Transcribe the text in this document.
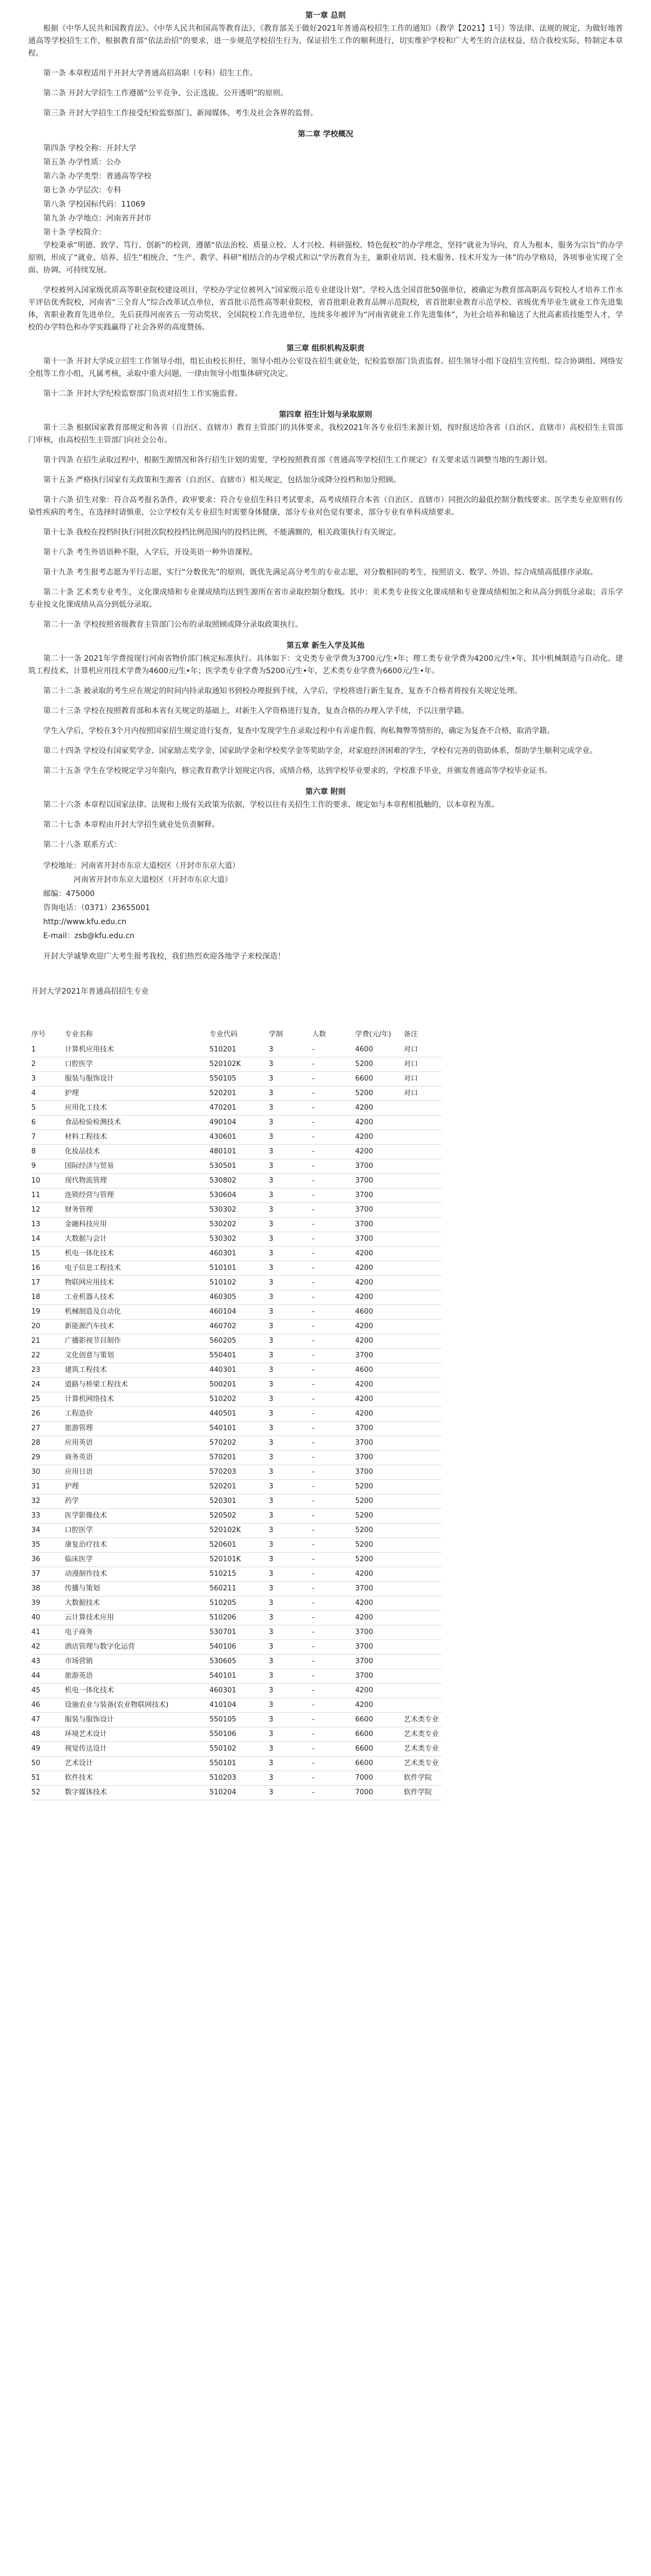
第一章 总则

根据《中华人民共和国教育法》、《中华人民共和国高等教育法》、《教育部关于做好2021年普通高校招生工作的通知》（教学【2021】1号）等法律、法规的规定，为做好地普通高等学校招生工作，根据教育部“依法治招”的要求，进一步规范学校招生行为，保证招生工作的顺利进行，切实维护学校和广大考生的合法权益，结合我校实际，特制定本章程。

第一条 本章程适用于开封大学普通高招高职（专科）招生工作。

第二条 开封大学招生工作遵循“公平竞争、公正选拔、公开透明”的原则。

第三条 开封大学招生工作接受纪检监察部门、新闻媒体、考生及社会各界的监督。

第二章 学校概况

第四条 学校全称：开封大学

第五条 办学性质：公办

第六条 办学类型：普通高等学校

第七条 办学层次：专科

第八条 学校国标代码：11069

第九条 办学地点：河南省开封市

第十条 学校简介：

学校秉承“明德、致学、笃行、创新”的校训，遵循“依法治校、质量立校、人才兴校、科研强校、特色促校”的办学理念，坚持“就业为导向，育人为根本，服务为宗旨”的办学原则，形成了“就业、培养、招生”相统合、“生产、教学、科研”相结合的办学模式和以“学历教育为主，兼职业培训、技术服务、技术开发为一体”的办学格局，各项事业实现了全面、协调、可持续发展。

学校被列入国家级优质高等职业院校建设项目，学校办学定位被列入“国家级示范专业建设计划”，学校入选全国首批50强单位，被确定为教育部高职高专院校人才培养工作水平评估优秀院校，河南省“三全育人”综合改革试点单位，省首批示范性高等职业院校，省首批职业教育品牌示范院校，省首批职业教育示范学校、省级优秀毕业生就业工作先进集体，省职业教育先进单位，先后获得河南省五一劳动奖状、全国院校工作先进单位，连续多年被评为“河南省就业工作先进集体”，为社会培养和输送了大批高素质技能型人才，学校的办学特色和办学实践赢得了社会各界的高度赞扬。

第三章 组织机构及职责

第十一条 开封大学成立招生工作领导小组，组长由校长担任，领导小组办公室设在招生就业处，纪检监察部门负责监督。招生领导小组下设招生宣传组、综合协调组、网络安全组等工作小组，凡属考核，录取中重大问题，一律由领导小组集体研究决定。

第十二条 开封大学纪检监察部门负责对招生工作实施监督。

第四章 招生计划与录取原则

第十三条 根据国家教育部规定和各省（自治区、直辖市）教育主管部门的具体要求，我校2021年各专业招生来源计划，按时报送给各省（自治区、直辖市）高校招生主管部门审核，由高校招生主管部门向社会公布。

第十四条 在招生录取过程中，根据生源情况和各行招生计划的需要，学校按照教育部《普通高等学校招生工作规定》有关要求适当调整当地的生源计划。

第十五条 严格执行国家有关政策和生源省（自治区、直辖市）相关规定，包括加分或降分投档和加分照顾。

第十六条 招生对象：符合高考报名条件，政审要求：符合专业招生科目考试要求，高考成绩符合本省（自治区、直辖市）同批次的最低控制分数线要求。医学类专业原则有传染性疾病的考生，在选择时请慎重，公立学校有关专业招生时需要身体健康，部分专业对色觉有要求，部分专业有单科成绩要求。

第十七条 我校在投档时执行同批次院校投档比例范围内的投档比例，不能满额的，相关政策执行有关规定。

第十八条 考生外语语种不限，入学后，开设英语一种外语课程。

第十九条 考生报考志愿为平行志愿，实行“分数优先”的原则，既优先满足高分考生的专业志愿，对分数相同的考生，按照语文、数学、外语、综合成绩高低排序录取。

第二十条 艺术类专业考生，文化课成绩和专业课成绩均达到生源所在省市录取控制分数线。其中：美术类专业按文化课成绩和专业课成绩相加之和从高分到低分录取；音乐学专业按文化课成绩从高分到低分录取。

第二十一条 学校按照省级教育主管部门公布的录取照顾或降分录取政策执行。

第五章 新生入学及其他

第二十一条 2021年学费按现行河南省物价部门核定标准执行。具体如下：文史类专业学费为3700元/生•年；理工类专业学费为4200元/生•年，其中机械制造与自动化、建筑工程技术、计算机应用技术学费为4600元/生•年；医学类专业学费为5200元/生•年，艺术类专业学费为6600元/生•年。

第二十二条 被录取的考生应在规定的时间内持录取通知书到校办理报到手续，入学后，学校将进行新生复查，复查不合格者将按有关规定处理。

第二十三条 学校在按照教育部和本省有关规定的基础上，对新生入学资格进行复查，复查合格的办理入学手续，予以注册学籍。

学生入学后，学校在3个月内按照国家招生规定进行复查，复查中发现学生在录取过程中有弄虚作假、徇私舞弊等情形的，确定为复查不合格，取消学籍。

第二十四条 学校设有国家奖学金、国家励志奖学金、国家助学金和学校奖学金等奖助学金，对家庭经济困难的学生，学校有完善的资助体系，帮助学生顺利完成学业。

第二十五条 学生在学校规定学习年限内，修完教育教学计划规定内容，成绩合格，达到学校毕业要求的，学校准予毕业，并颁发普通高等学校毕业证书。

第六章 附则

第二十六条 本章程以国家法律、法规和上级有关政策为依据，学校以往有关招生工作的要求、规定如与本章程相抵触的，以本章程为准。

第二十七条 本章程由开封大学招生就业处负责解释。

第二十八条 联系方式：

学校地址：河南省开封市东京大道校区（开封市东京大道）

河南省开封市东京大道校区（开封市东京大道）

邮编：475000

咨询电话：（0371）23655001

http://www.kfu.edu.cn

E-mail：zsb@kfu.edu.cn

开封大学诚挚欢迎广大考生报考我校，我们热烈欢迎各地学子来校深造！

开封大学2021年普通高招招生专业

序号	专业名称	专业代码	学制	人数	学费(元/年)	备注
1	计算机应用技术	510201	3	-	4600	对口
2	口腔医学	520102K	3	-	5200	对口
3	服装与服饰设计	550105	3	-	6600	对口
4	护理	520201	3	-	5200	对口
5	应用化工技术	470201	3	-	4200	
6	食品检验检测技术	490104	3	-	4200	
7	材料工程技术	430601	3	-	4200	
8	化妆品技术	480101	3	-	4200	
9	国际经济与贸易	530501	3	-	3700	
10	现代物流管理	530802	3	-	3700	
11	连锁经营与管理	530604	3	-	3700	
12	财务管理	530302	3	-	3700	
13	金融科技应用	530202	3	-	3700	
14	大数据与会计	530302	3	-	3700	
15	机电一体化技术	460301	3	-	4200	
16	电子信息工程技术	510101	3	-	4200	
17	物联网应用技术	510102	3	-	4200	
18	工业机器人技术	460305	3	-	4200	
19	机械制造及自动化	460104	3	-	4600	
20	新能源汽车技术	460702	3	-	4200	
21	广播影视节目制作	560205	3	-	4200	
22	文化创意与策划	550401	3	-	3700	
23	建筑工程技术	440301	3	-	4600	
24	道路与桥梁工程技术	500201	3	-	4200	
25	计算机网络技术	510202	3	-	4200	
26	工程造价	440501	3	-	4200	
27	旅游管理	540101	3	-	3700	
28	应用英语	570202	3	-	3700	
29	商务英语	570201	3	-	3700	
30	应用日语	570203	3	-	3700	
31	护理	520201	3	-	5200	
32	药学	520301	3	-	5200	
33	医学影像技术	520502	3	-	5200	
34	口腔医学	520102K	3	-	5200	
35	康复治疗技术	520601	3	-	5200	
36	临床医学	520101K	3	-	5200	
37	动漫制作技术	510215	3	-	4200	
38	传播与策划	560211	3	-	3700	
39	大数据技术	510205	3	-	4200	
40	云计算技术应用	510206	3	-	4200	
41	电子商务	530701	3	-	3700	
42	酒店管理与数字化运营	540106	3	-	3700	
43	市场营销	530605	3	-	3700	
44	旅游英语	540101	3	-	3700	
45	机电一体化技术	460301	3	-	4200	
46	设施农业与装备(农业物联网技术)	410104	3	-	4200	
47	服装与服饰设计	550105	3	-	6600	艺术类专业
48	环境艺术设计	550106	3	-	6600	艺术类专业
49	视觉传达设计	550102	3	-	6600	艺术类专业
50	艺术设计	550101	3	-	6600	艺术类专业
51	软件技术	510203	3	-	7000	软件学院
52	数字媒体技术	510204	3	-	7000	软件学院
